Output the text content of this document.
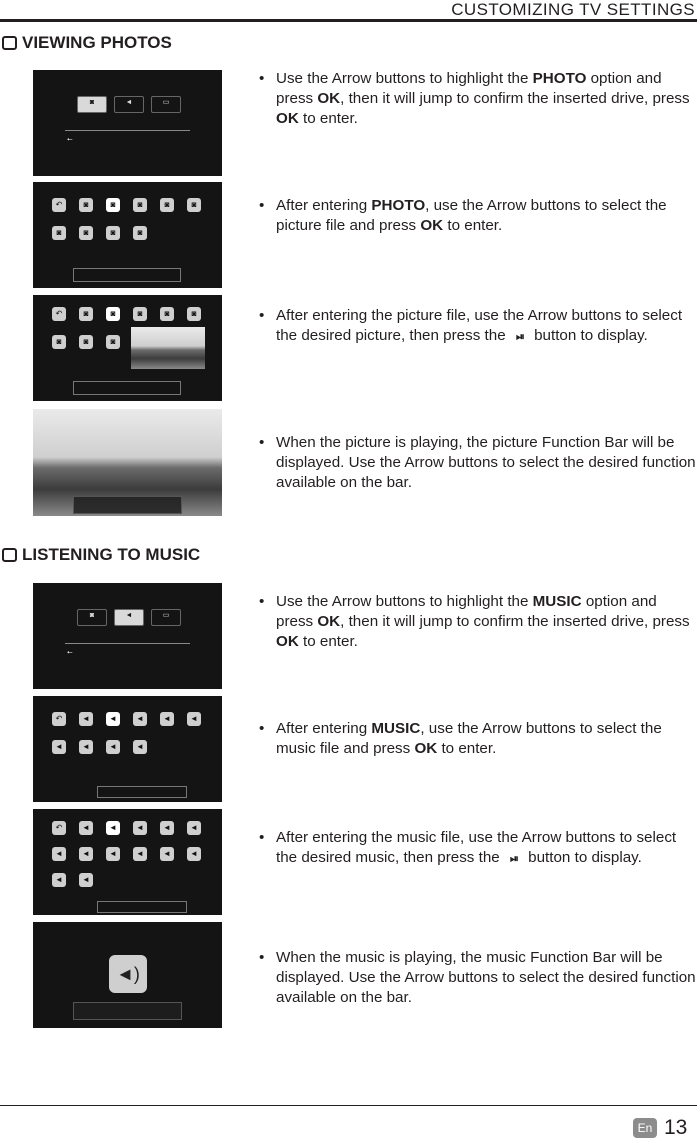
CUSTOMIZING TV SETTINGS
VIEWING PHOTOS
◙	◄	▭
⭠
↶	◙	◙	◙	◙	◙
◙	◙	◙	◙
↶	◙	◙	◙	◙	◙
◙	◙	◙
• Use the Arrow buttons to highlight the PHOTO option and press OK, then it will jump to confirm the inserted drive, press OK to enter.
• After entering PHOTO, use the Arrow buttons to select the picture file and press OK to enter.
• After entering the picture file, use the Arrow buttons to select the desired picture, then press the ⏯ button to display.
• When the picture is playing, the picture Function Bar will be displayed. Use the Arrow buttons to select the desired function available on the bar.
LISTENING TO MUSIC
◙	◄	▭
⭠
↶	◄	◄	◄	◄	◄
◄	◄	◄	◄
↶	◄	◄	◄	◄	◄
◄	◄	◄	◄	◄	◄
◄	◄
◄)
• Use the Arrow buttons to highlight the MUSIC option and press OK, then it will jump to confirm the inserted drive, press OK to enter.
• After entering MUSIC, use the Arrow buttons to select the music file and press OK to enter.
• After entering the music file, use the Arrow buttons to select the desired music, then press the ⏯ button to display.
• When the music is playing, the music Function Bar will be displayed. Use the Arrow buttons to select the desired function available on the bar.
En 13
